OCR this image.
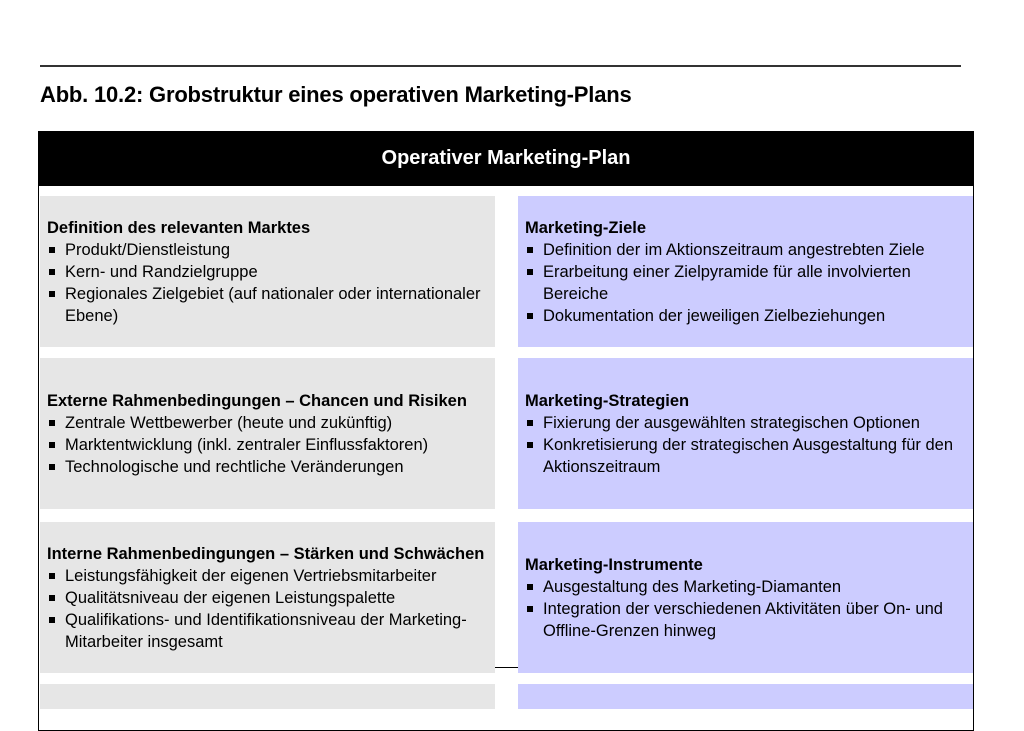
Abb. 10.2: Grobstruktur eines operativen Marketing-Plans
Operativer Marketing-Plan
Definition des relevanten Marktes
Produkt/Dienstleistung
Kern- und Randzielgruppe
Regionales Zielgebiet (auf nationaler oder internationaler Ebene)
Externe Rahmenbedingungen – Chancen und Risiken
Zentrale Wettbewerber (heute und zukünftig)
Marktentwicklung (inkl. zentraler Einflussfaktoren)
Technologische und rechtliche Veränderungen
Interne Rahmenbedingungen – Stärken und Schwächen
Leistungsfähigkeit der eigenen Vertriebsmitarbeiter
Qualitätsniveau der eigenen Leistungspalette
Qualifikations- und Identifikationsniveau der Marketing-Mitarbeiter insgesamt
Marketing-Ziele
Definition der im Aktionszeitraum angestrebten Ziele
Erarbeitung einer Zielpyramide für alle involvierten Bereiche
Dokumentation der jeweiligen Zielbeziehungen
Marketing-Strategien
Fixierung der ausgewählten strategischen Optionen
Konkretisierung der strategischen Ausgestaltung für den Aktionszeitraum
Marketing-Instrumente
Ausgestaltung des Marketing-Diamanten
Integration der verschiedenen Aktivitäten über On- und Offline-Grenzen hinweg
